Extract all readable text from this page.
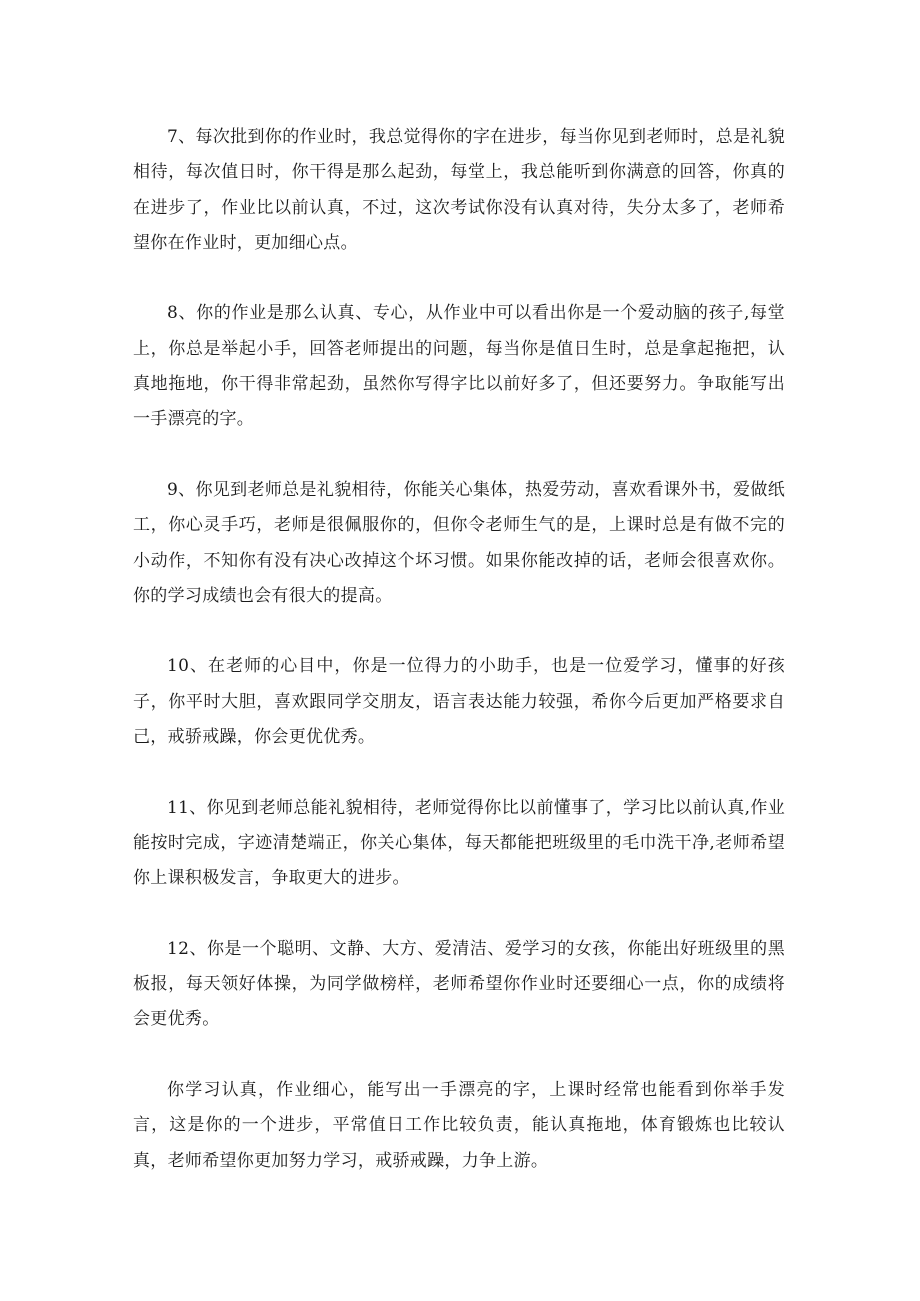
7、每次批到你的作业时，我总觉得你的字在进步，每当你见到老师时，总是礼貌相待，每次值日时，你干得是那么起劲，每堂上，我总能听到你满意的回答，你真的在进步了，作业比以前认真，不过，这次考试你没有认真对待，失分太多了，老师希望你在作业时，更加细心点。

8、你的作业是那么认真、专心，从作业中可以看出你是一个爱动脑的孩子,每堂上，你总是举起小手，回答老师提出的问题，每当你是值日生时，总是拿起拖把，认真地拖地，你干得非常起劲，虽然你写得字比以前好多了，但还要努力。争取能写出一手漂亮的字。

9、你见到老师总是礼貌相待，你能关心集体，热爱劳动，喜欢看课外书，爱做纸工，你心灵手巧，老师是很佩服你的，但你令老师生气的是，上课时总是有做不完的小动作，不知你有没有决心改掉这个坏习惯。如果你能改掉的话，老师会很喜欢你。你的学习成绩也会有很大的提高。

10、在老师的心目中，你是一位得力的小助手，也是一位爱学习，懂事的好孩子，你平时大胆，喜欢跟同学交朋友，语言表达能力较强，希你今后更加严格要求自己，戒骄戒躁，你会更优优秀。

11、你见到老师总能礼貌相待，老师觉得你比以前懂事了，学习比以前认真,作业能按时完成，字迹清楚端正，你关心集体，每天都能把班级里的毛巾洗干净,老师希望你上课积极发言，争取更大的进步。

12、你是一个聪明、文静、大方、爱清洁、爱学习的女孩，你能出好班级里的黑板报，每天领好体操，为同学做榜样，老师希望你作业时还要细心一点，你的成绩将会更优秀。

你学习认真，作业细心，能写出一手漂亮的字，上课时经常也能看到你举手发言，这是你的一个进步，平常值日工作比较负责，能认真拖地，体育锻炼也比较认真，老师希望你更加努力学习，戒骄戒躁，力争上游。
